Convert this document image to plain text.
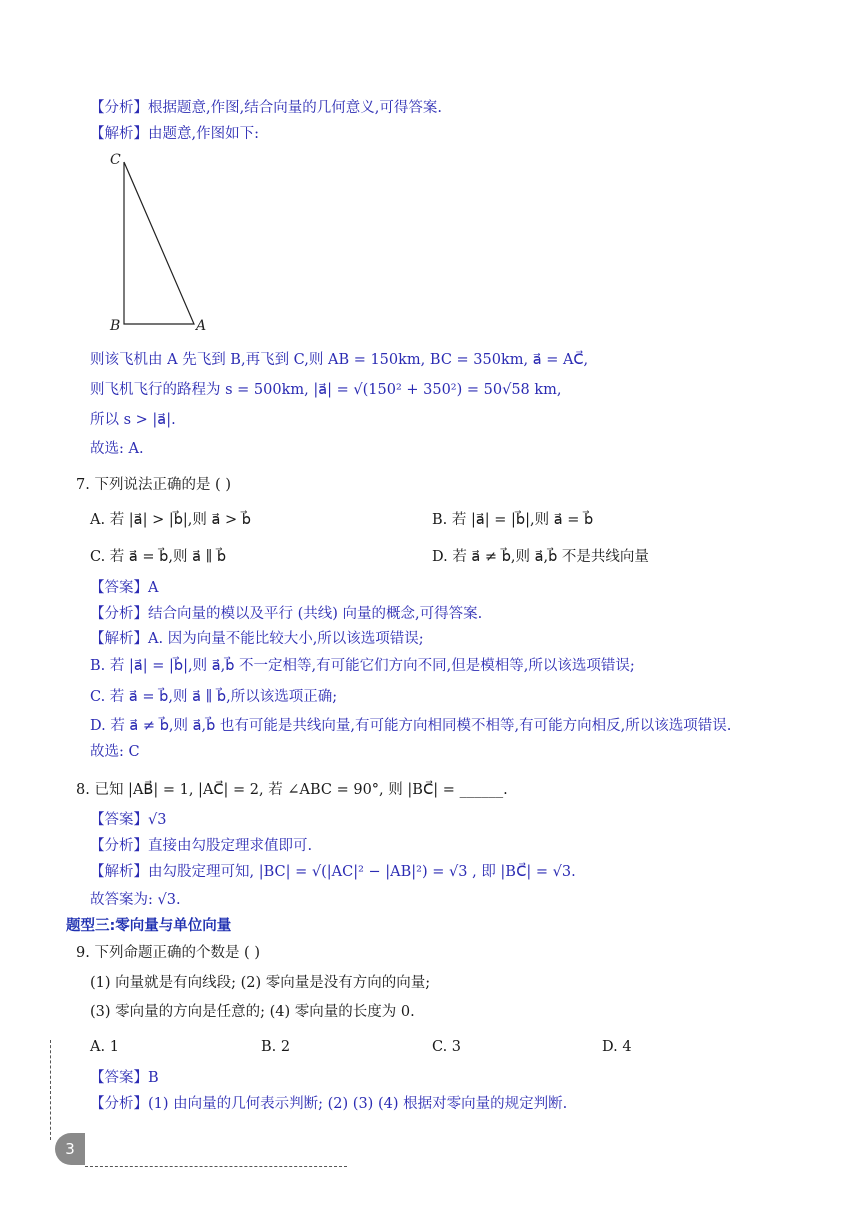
【分析】根据题意,作图,结合向量的几何意义,可得答案.
【解析】由题意,作图如下:
C
B	A
则该飞机由 A 先飞到 B,再飞到 C,则 AB = 150km, BC = 350km, a⃗ = AC⃗,
则飞机飞行的路程为 s = 500km, |a⃗| = √(150² + 350²) = 50√58 km,
所以 s > |a⃗|.
故选: A.
7. 下列说法正确的是 ( )
A. 若 |a⃗| > |b⃗|,则 a⃗ > b⃗	B. 若 |a⃗| = |b⃗|,则 a⃗ = b⃗
C. 若 a⃗ = b⃗,则 a⃗ ∥ b⃗	D. 若 a⃗ ≠ b⃗,则 a⃗,b⃗ 不是共线向量
【答案】A
【分析】结合向量的模以及平行 (共线) 向量的概念,可得答案.
【解析】A. 因为向量不能比较大小,所以该选项错误;
B. 若 |a⃗| = |b⃗|,则 a⃗,b⃗ 不一定相等,有可能它们方向不同,但是模相等,所以该选项错误;
C. 若 a⃗ = b⃗,则 a⃗ ∥ b⃗,所以该选项正确;
D. 若 a⃗ ≠ b⃗,则 a⃗,b⃗ 也有可能是共线向量,有可能方向相同模不相等,有可能方向相反,所以该选项错误.
故选: C
8. 已知 |AB⃗| = 1, |AC⃗| = 2, 若 ∠ABC = 90°, 则 |BC⃗| = ______.
【答案】√3
【分析】直接由勾股定理求值即可.
【解析】由勾股定理可知, |BC| = √(|AC|² − |AB|²) = √3 , 即 |BC⃗| = √3.
故答案为: √3.
题型三:零向量与单位向量
9. 下列命题正确的个数是 ( )
(1) 向量就是有向线段; (2) 零向量是没有方向的向量;
(3) 零向量的方向是任意的; (4) 零向量的长度为 0.
A. 1	B. 2	C. 3	D. 4
【答案】B
【分析】(1) 由向量的几何表示判断; (2) (3) (4) 根据对零向量的规定判断.
3
